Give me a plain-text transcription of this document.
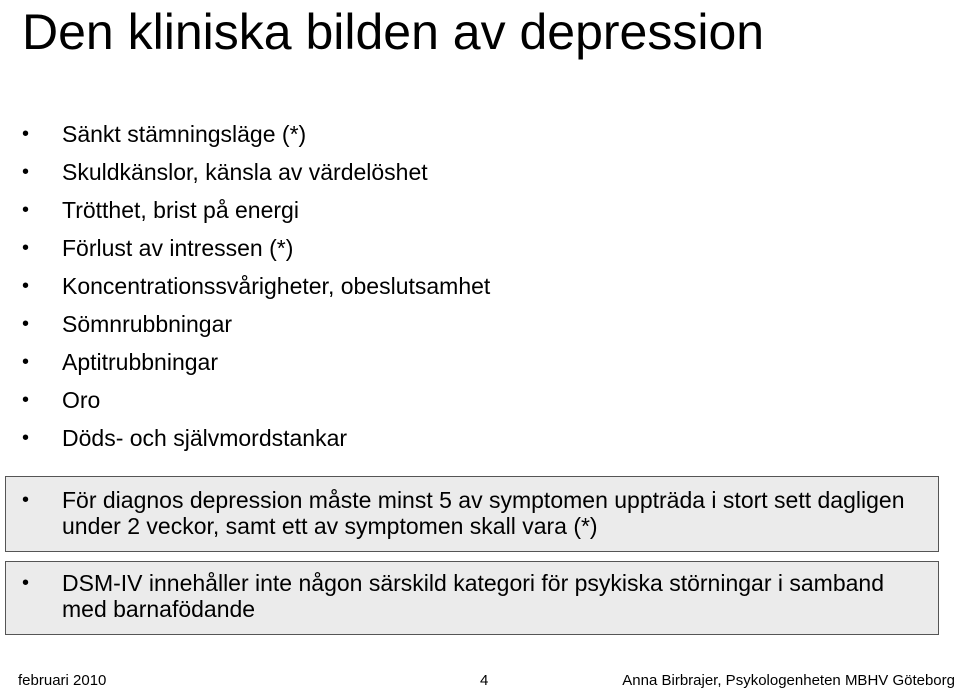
Den kliniska bilden av depression
• Sänkt stämningsläge (*)
• Skuldkänslor, känsla av värdelöshet
• Trötthet, brist på energi
• Förlust av intressen (*)
• Koncentrationssvårigheter, obeslutsamhet
• Sömnrubbningar
• Aptitrubbningar
• Oro
• Döds- och självmordstankar
• För diagnos depression måste minst 5 av symptomen uppträda i stort sett dagligen under 2 veckor, samt ett av symptomen skall vara (*)
• DSM-IV innehåller inte någon särskild kategori för psykiska störningar i samband med barnafödande
februari 2010	4	Anna Birbrajer, Psykologenheten MBHV Göteborg
